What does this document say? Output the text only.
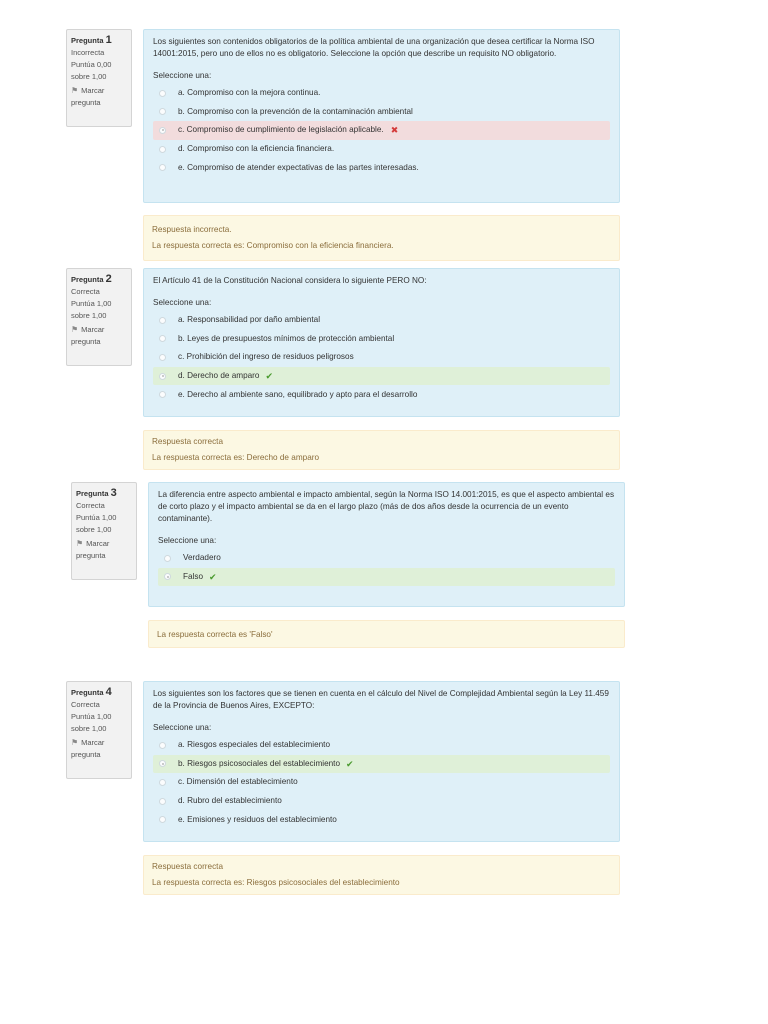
Pregunta 1
Incorrecta
Puntúa 0,00 sobre 1,00
⚑ Marcar pregunta
Los siguientes son contenidos obligatorios de la política ambiental de una organización que desea certificar la Norma ISO 14001:2015, pero uno de ellos no es obligatorio. Seleccione la opción que describe un requisito NO obligatorio.
Seleccione una:
a. Compromiso con la mejora continua.
b. Compromiso con la prevención de la contaminación ambiental
c. Compromiso de cumplimiento de legislación aplicable. ✖
d. Compromiso con la eficiencia financiera.
e. Compromiso de atender expectativas de las partes interesadas.
Respuesta incorrecta.
La respuesta correcta es: Compromiso con la eficiencia financiera.
Pregunta 2
Correcta
Puntúa 1,00 sobre 1,00
⚑ Marcar pregunta
El Artículo 41 de la Constitución Nacional considera lo siguiente PERO NO:
Seleccione una:
a. Responsabilidad por daño ambiental
b. Leyes de presupuestos mínimos de protección ambiental
c. Prohibición del ingreso de residuos peligrosos
d. Derecho de amparo ✔
e. Derecho al ambiente sano, equilibrado y apto para el desarrollo
Respuesta correcta
La respuesta correcta es: Derecho de amparo
Pregunta 3
Correcta
Puntúa 1,00 sobre 1,00
⚑ Marcar pregunta
La diferencia entre aspecto ambiental e impacto ambiental, según la Norma ISO 14.001:2015, es que el aspecto ambiental es de corto plazo y el impacto ambiental se da en el largo plazo (más de dos años desde la ocurrencia de un evento contaminante).
Seleccione una:
Verdadero
Falso ✔
La respuesta correcta es 'Falso'
Pregunta 4
Correcta
Puntúa 1,00 sobre 1,00
⚑ Marcar pregunta
Los siguientes son los factores que se tienen en cuenta en el cálculo del Nivel de Complejidad Ambiental según la Ley 11.459 de la Provincia de Buenos Aires, EXCEPTO:
Seleccione una:
a. Riesgos especiales del establecimiento
b. Riesgos psicosociales del establecimiento ✔
c. Dimensión del establecimiento
d. Rubro del establecimiento
e. Emisiones y residuos del establecimiento
Respuesta correcta
La respuesta correcta es: Riesgos psicosociales del establecimiento
